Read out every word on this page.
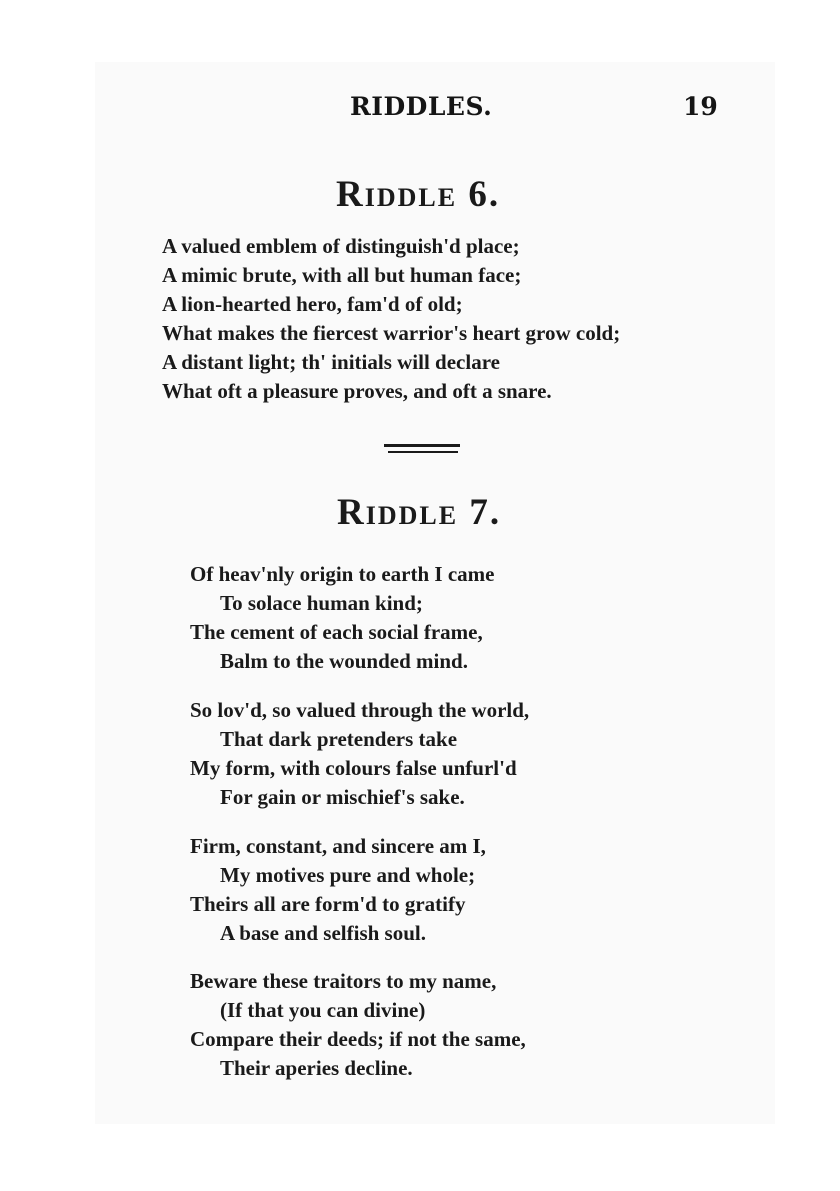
RIDDLES.	19
Riddle 6.
A valued emblem of distinguish'd place;
A mimic brute, with all but human face;
A lion-hearted hero, fam'd of old;
What makes the fiercest warrior's heart grow cold;
A distant light; th' initials will declare
What oft a pleasure proves, and oft a snare.
Riddle 7.
Of heav'nly origin to earth I came
To solace human kind;
The cement of each social frame,
Balm to the wounded mind.
So lov'd, so valued through the world,
That dark pretenders take
My form, with colours false unfurl'd
For gain or mischief's sake.
Firm, constant, and sincere am I,
My motives pure and whole;
Theirs all are form'd to gratify
A base and selfish soul.
Beware these traitors to my name,
(If that you can divine)
Compare their deeds; if not the same,
Their aperies decline.
